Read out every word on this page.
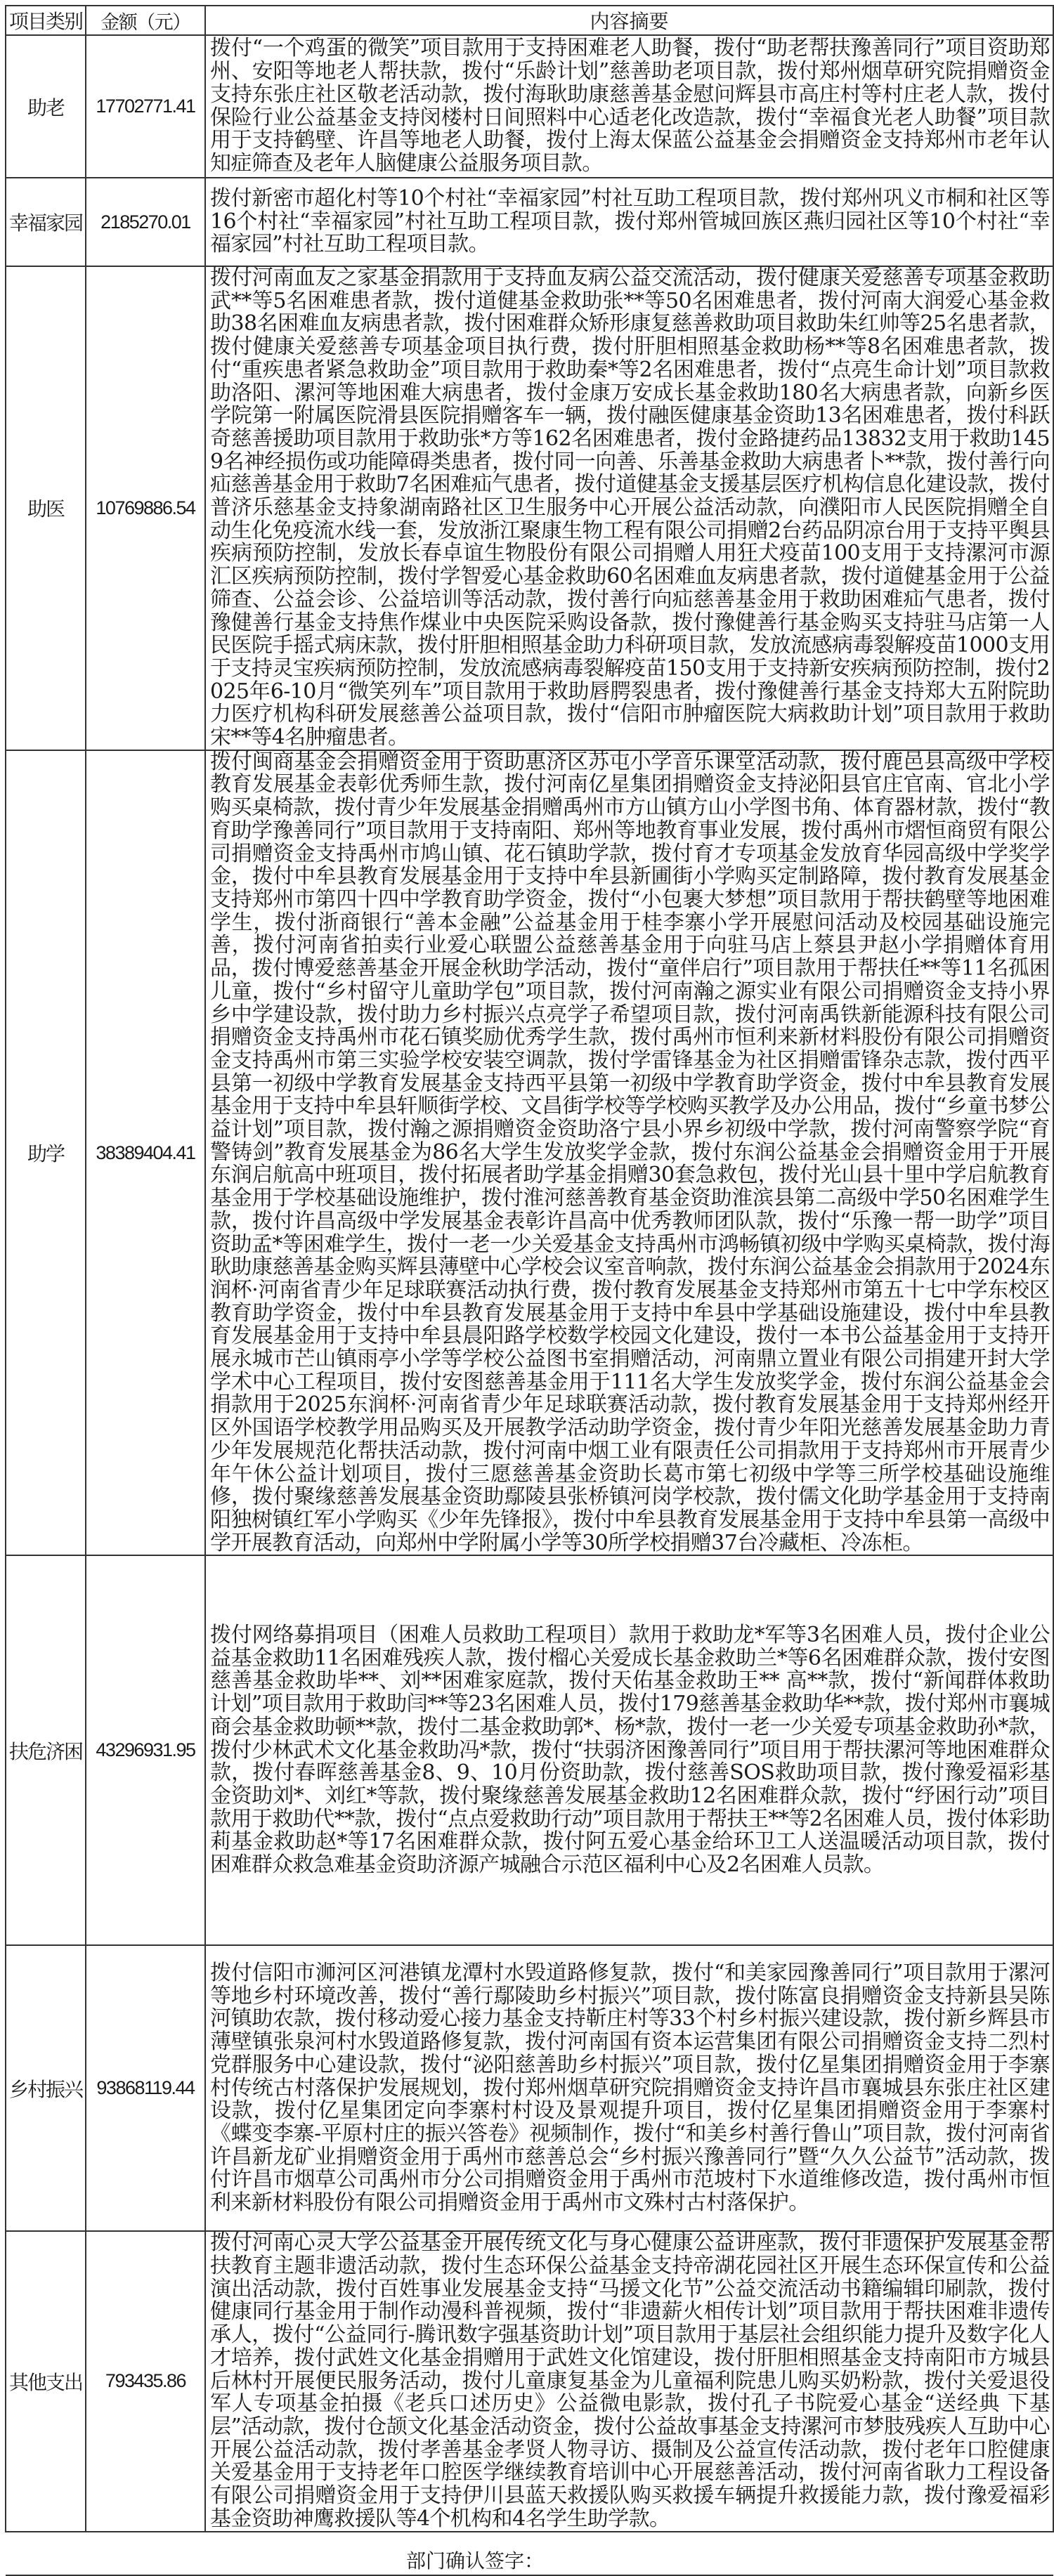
项目类别	金额（元）	内容摘要
助老	17702771.41	拨付“一个鸡蛋的微笑”项目款用于支持困难老人助餐，拨付“助老帮扶豫善同行”项目资助郑州、安阳等地老人帮扶款，拨付“乐龄计划”慈善助老项目款，拨付郑州烟草研究院捐赠资金支持东张庄社区敬老活动款，拨付海耿助康慈善基金慰问辉县市高庄村等村庄老人款，拨付保险行业公益基金支持闵楼村日间照料中心适老化改造款，拨付“幸福食光老人助餐”项目款用于支持鹤壁、许昌等地老人助餐，拨付上海太保蓝公益基金会捐赠资金支持郑州市老年认知症筛查及老年人脑健康公益服务项目款。
幸福家园	2185270.01	拨付新密市超化村等10个村社“幸福家园”村社互助工程项目款，拨付郑州巩义市桐和社区等16个村社“幸福家园”村社互助工程项目款，拨付郑州管城回族区燕归园社区等10个村社“幸福家园”村社互助工程项目款。
助医	10769886.54	拨付河南血友之家基金捐款用于支持血友病公益交流活动，拨付健康关爱慈善专项基金救助武**等5名困难患者款，拨付道健基金救助张**等50名困难患者，拨付河南大润爱心基金救助38名困难血友病患者款，拨付困难群众矫形康复慈善救助项目救助朱红帅等25名患者款，拨付健康关爱慈善专项基金项目执行费，拨付肝胆相照基金救助杨**等8名困难患者款，拨付“重疾患者紧急救助金”项目款用于救助秦*等2名困难患者，拨付“点亮生命计划”项目款救助洛阳、漯河等地困难大病患者，拨付金康万安成长基金救助180名大病患者款，向新乡医学院第一附属医院滑县医院捐赠客车一辆，拨付融医健康基金资助13名困难患者，拨付科跃奇慈善援助项目款用于救助张*方等162名困难患者，拨付金路捷药品13832支用于救助1459名神经损伤或功能障碍类患者，拨付同一向善、乐善基金救助大病患者卜**款，拨付善行向疝慈善基金用于救助7名困难疝气患者，拨付道健基金支援基层医疗机构信息化建设款，拨付普济乐慈基金支持象湖南路社区卫生服务中心开展公益活动款，向濮阳市人民医院捐赠全自动生化免疫流水线一套，发放浙江聚康生物工程有限公司捐赠2台药品阴凉台用于支持平舆县疾病预防控制，发放长春卓谊生物股份有限公司捐赠人用狂犬疫苗100支用于支持漯河市源汇区疾病预防控制，拨付学智爱心基金救助60名困难血友病患者款，拨付道健基金用于公益筛查、公益会诊、公益培训等活动款，拨付善行向疝慈善基金用于救助困难疝气患者，拨付豫健善行基金支持焦作煤业中央医院采购设备款，拨付豫健善行基金购买支持驻马店第一人民医院手摇式病床款，拨付肝胆相照基金助力科研项目款，发放流感病毒裂解疫苗1000支用于支持灵宝疾病预防控制，发放流感病毒裂解疫苗150支用于支持新安疾病预防控制，拨付2025年6-10月“微笑列车”项目款用于救助唇腭裂患者，拨付豫健善行基金支持郑大五附院助力医疗机构科研发展慈善公益项目款，拨付“信阳市肿瘤医院大病救助计划”项目款用于救助宋**等4名肿瘤患者。
助学	38389404.41	拨付闽商基金会捐赠资金用于资助惠济区苏屯小学音乐课堂活动款，拨付鹿邑县高级中学校教育发展基金表彰优秀师生款，拨付河南亿星集团捐赠资金支持泌阳县官庄官南、官北小学购买桌椅款，拨付青少年发展基金捐赠禹州市方山镇方山小学图书角、体育器材款，拨付“教育助学豫善同行”项目款用于支持南阳、郑州等地教育事业发展，拨付禹州市熠恒商贸有限公司捐赠资金支持禹州市鸠山镇、花石镇助学款，拨付育才专项基金发放育华园高级中学奖学金，拨付中牟县教育发展基金用于支持中牟县新圃街小学购买定制路障，拨付教育发展基金支持郑州市第四十四中学教育助学资金，拨付“小包裹大梦想”项目款用于帮扶鹤壁等地困难学生，拨付浙商银行“善本金融”公益基金用于桂李寨小学开展慰问活动及校园基础设施完善，拨付河南省拍卖行业爱心联盟公益慈善基金用于向驻马店上蔡县尹赵小学捐赠体育用品，拨付博爱慈善基金开展金秋助学活动，拨付“童伴启行”项目款用于帮扶任**等11名孤困儿童，拨付“乡村留守儿童助学包”项目款，拨付河南瀚之源实业有限公司捐赠资金支持小界乡中学建设款，拨付助力乡村振兴点亮学子希望项目款，拨付河南禹铁新能源科技有限公司捐赠资金支持禹州市花石镇奖励优秀学生款，拨付禹州市恒利来新材料股份有限公司捐赠资金支持禹州市第三实验学校安装空调款，拨付学雷锋基金为社区捐赠雷锋杂志款，拨付西平县第一初级中学教育发展基金支持西平县第一初级中学教育助学资金，拨付中牟县教育发展基金用于支持中牟县轩顺街学校、文昌街学校等学校购买教学及办公用品，拨付“乡童书梦公益计划”项目款，拨付瀚之源捐赠资金资助洛宁县小界乡初级中学款，拨付河南警察学院“育警铸剑”教育发展基金为86名大学生发放奖学金款，拨付东润公益基金会捐赠资金用于开展东润启航高中班项目，拨付拓展者助学基金捐赠30套急救包，拨付光山县十里中学启航教育基金用于学校基础设施维护，拨付淮河慈善教育基金资助淮滨县第二高级中学50名困难学生款，拨付许昌高级中学发展基金表彰许昌高中优秀教师团队款，拨付“乐豫一帮一助学”项目资助孟*等困难学生，拨付一老一少关爱基金支持禹州市鸿畅镇初级中学购买桌椅款，拨付海耿助康慈善基金购买辉县薄壁中心学校会议室音响款，拨付东润公益基金会捐款用于2024东润杯·河南省青少年足球联赛活动执行费，拨付教育发展基金支持郑州市第五十七中学东校区教育助学资金，拨付中牟县教育发展基金用于支持中牟县中学基础设施建设，拨付中牟县教育发展基金用于支持中牟县晨阳路学校数学校园文化建设，拨付一本书公益基金用于支持开展永城市芒山镇雨亭小学等学校公益图书室捐赠活动，河南鼎立置业有限公司捐建开封大学学术中心工程项目，拨付安图慈善基金用于111名大学生发放奖学金，拨付东润公益基金会捐款用于2025东润杯·河南省青少年足球联赛活动款，拨付教育发展基金用于支持郑州经开区外国语学校教学用品购买及开展教学活动助学资金，拨付青少年阳光慈善发展基金助力青少年发展规范化帮扶活动款，拨付河南中烟工业有限责任公司捐款用于支持郑州市开展青少年午休公益计划项目，拨付三愿慈善基金资助长葛市第七初级中学等三所学校基础设施维修，拨付聚缘慈善发展基金资助鄢陵县张桥镇河岗学校款，拨付儒文化助学基金用于支持南阳独树镇红军小学购买《少年先锋报》，拨付中牟县教育发展基金用于支持中牟县第一高级中学开展教育活动，向郑州中学附属小学等30所学校捐赠37台冷藏柜、冷冻柜。
扶危济困	43296931.95	拨付网络募捐项目（困难人员救助工程项目）款用于救助龙*军等3名困难人员，拨付企业公益基金救助11名困难残疾人款，拨付榴心关爱成长基金救助兰*等6名困难群众款，拨付安图慈善基金救助毕**、刘**困难家庭款，拨付天佑基金救助王** 高**款，拨付“新闻群体救助计划”项目款用于救助闫**等23名困难人员，拨付179慈善基金救助华**款，拨付郑州市襄城商会基金救助顿**款，拨付二基金救助郭*、杨*款，拨付一老一少关爱专项基金救助孙*款，拨付少林武术文化基金救助冯*款，拨付“扶弱济困豫善同行”项目用于帮扶漯河等地困难群众款，拨付春晖慈善基金8、9、10月份资助款，拨付慈善SOS救助项目款，拨付豫爱福彩基金资助刘*、刘红*等款，拨付聚缘慈善发展基金救助12名困难群众款，拨付“纾困行动”项目款用于救助代**款，拨付“点点爱救助行动”项目款用于帮扶王**等2名困难人员，拨付体彩助莉基金救助赵*等17名困难群众款，拨付阿五爱心基金给环卫工人送温暖活动项目款，拨付困难群众救急难基金资助济源产城融合示范区福利中心及2名困难人员款。
乡村振兴	93868119.44	拨付信阳市浉河区河港镇龙潭村水毁道路修复款，拨付“和美家园豫善同行”项目款用于漯河等地乡村环境改善，拨付“善行鄢陵助乡村振兴”项目款，拨付陈富良捐赠资金支持新县吴陈河镇助农款，拨付移动爱心接力基金支持靳庄村等33个村乡村振兴建设款，拨付新乡辉县市薄壁镇张泉河村水毁道路修复款，拨付河南国有资本运营集团有限公司捐赠资金支持二烈村党群服务中心建设款，拨付“泌阳慈善助乡村振兴”项目款，拨付亿星集团捐赠资金用于李寨村传统古村落保护发展规划，拨付郑州烟草研究院捐赠资金支持许昌市襄城县东张庄社区建设款，拨付亿星集团定向李寨村村设及景观提升项目，拨付亿星集团捐赠资金用于李寨村《蝶变李寨-平原村庄的振兴答卷》视频制作，拨付“和美乡村善行鲁山”项目款，拨付河南省许昌新龙矿业捐赠资金用于禹州市慈善总会“乡村振兴豫善同行”暨“久久公益节”活动款，拨付许昌市烟草公司禹州市分公司捐赠资金用于禹州市范坡村下水道维修改造，拨付禹州市恒利来新材料股份有限公司捐赠资金用于禹州市文殊村古村落保护。
其他支出	793435.86	拨付河南心灵大学公益基金开展传统文化与身心健康公益讲座款，拨付非遗保护发展基金帮扶教育主题非遗活动款，拨付生态环保公益基金支持帝湖花园社区开展生态环保宣传和公益演出活动款，拨付百姓事业发展基金支持“马援文化节”公益交流活动书籍编辑印刷款，拨付健康同行基金用于制作动漫科普视频，拨付“非遗薪火相传计划”项目款用于帮扶困难非遗传承人，拨付“公益同行-腾讯数字强基资助计划”项目款用于基层社会组织能力提升及数字化人才培养，拨付武姓文化基金捐赠用于武姓文化馆建设，拨付肝胆相照基金支持南阳市方城县后林村开展便民服务活动，拨付儿童康复基金为儿童福利院患儿购买奶粉款，拨付关爱退役军人专项基金拍摄《老兵口述历史》公益微电影款，拨付孔子书院爱心基金“送经典 下基层”活动款，拨付仓颉文化基金活动资金，拨付公益故事基金支持漯河市梦肢残疾人互助中心开展公益活动款，拨付孝善基金孝贤人物寻访、摄制及公益宣传活动款，拨付老年口腔健康关爱基金用于支持老年口腔医学继续教育培训中心开展慈善活动，拨付河南省耿力工程设备有限公司捐赠资金用于支持伊川县蓝天救援队购买救援车辆提升救援能力款，拨付豫爱福彩基金资助神鹰救援队等4个机构和4名学生助学款。
部门确认签字：		
